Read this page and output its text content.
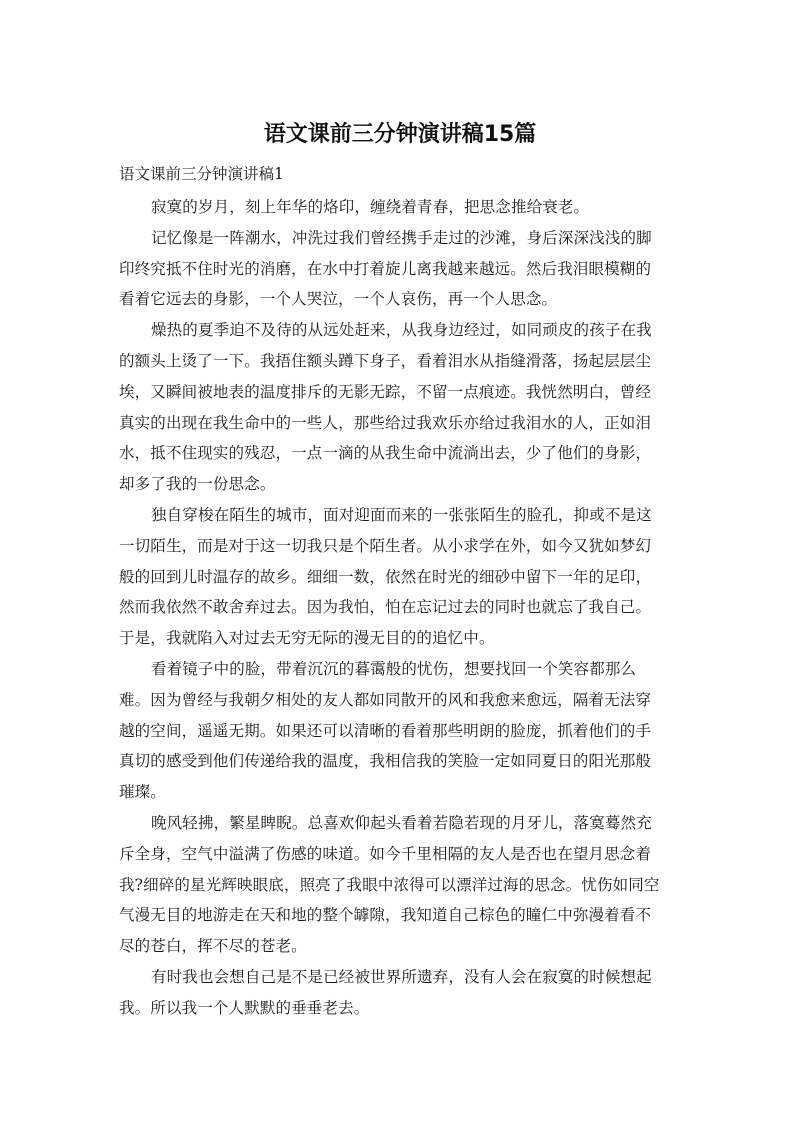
语文课前三分钟演讲稿15篇

语文课前三分钟演讲稿1

寂寞的岁月，刻上年华的烙印，缠绕着青春，把思念推给衰老。

记忆像是一阵潮水，冲洗过我们曾经携手走过的沙滩，身后深深浅浅的脚
印终究抵不住时光的消磨，在水中打着旋儿离我越来越远。然后我泪眼模糊的
看着它远去的身影，一个人哭泣，一个人哀伤，再一个人思念。

燥热的夏季迫不及待的从远处赶来，从我身边经过，如同顽皮的孩子在我
的额头上烫了一下。我捂住额头蹲下身子，看着泪水从指缝滑落，扬起层层尘
埃，又瞬间被地表的温度排斥的无影无踪，不留一点痕迹。我恍然明白，曾经
真实的出现在我生命中的一些人，那些给过我欢乐亦给过我泪水的人，正如泪
水，抵不住现实的残忍，一点一滴的从我生命中流淌出去，少了他们的身影，
却多了我的一份思念。

独自穿梭在陌生的城市，面对迎面而来的一张张陌生的脸孔，抑或不是这
一切陌生，而是对于这一切我只是个陌生者。从小求学在外，如今又犹如梦幻
般的回到儿时温存的故乡。细细一数，依然在时光的细砂中留下一年的足印，
然而我依然不敢舍弃过去。因为我怕，怕在忘记过去的同时也就忘了我自己。
于是，我就陷入对过去无穷无际的漫无目的的追忆中。

看着镜子中的脸，带着沉沉的暮霭般的忧伤，想要找回一个笑容都那么
难。因为曾经与我朝夕相处的友人都如同散开的风和我愈来愈远，隔着无法穿
越的空间，遥遥无期。如果还可以清晰的看着那些明朗的脸庞，抓着他们的手
真切的感受到他们传递给我的温度，我相信我的笑脸一定如同夏日的阳光那般
璀璨。

晚风轻拂，繁星睥睨。总喜欢仰起头看着若隐若现的月牙儿，落寞蓦然充
斥全身，空气中溢满了伤感的味道。如今千里相隔的友人是否也在望月思念着
我?细碎的星光辉映眼底，照亮了我眼中浓得可以漂洋过海的思念。忧伤如同空
气漫无目的地游走在天和地的整个罅隙，我知道自己棕色的瞳仁中弥漫着看不
尽的苍白，挥不尽的苍老。

有时我也会想自己是不是已经被世界所遗弃，没有人会在寂寞的时候想起
我。所以我一个人默默的垂垂老去。
